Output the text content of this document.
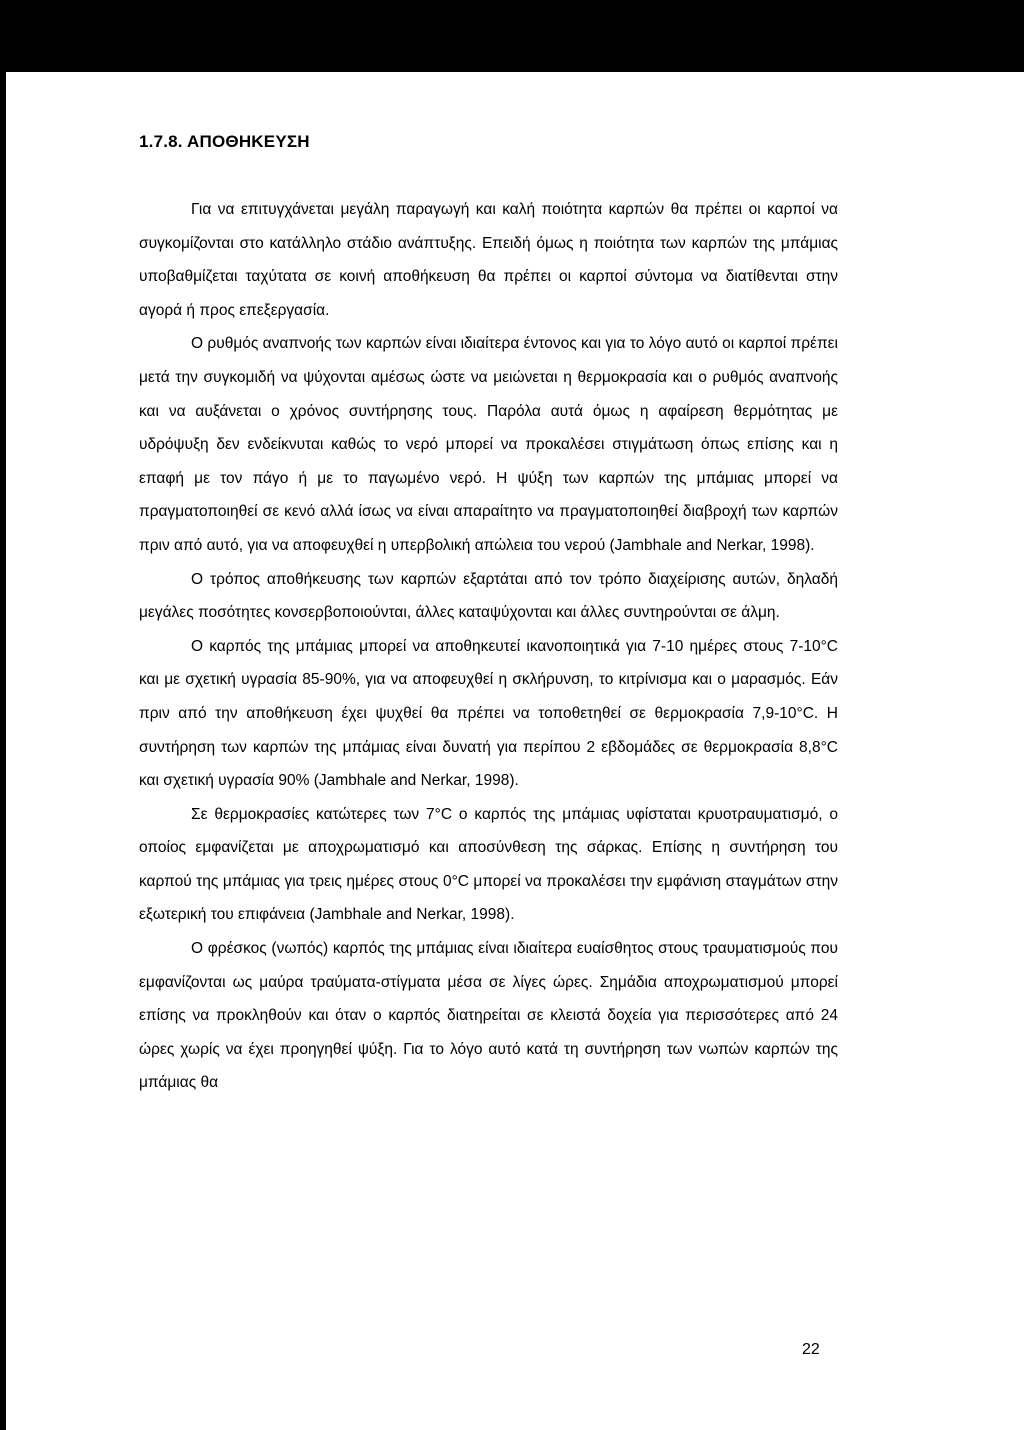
1.7.8. ΑΠΟΘΗΚΕΥΣΗ

Για να επιτυγχάνεται μεγάλη παραγωγή και καλή ποιότητα καρπών θα πρέπει οι καρποί να συγκομίζονται στο κατάλληλο στάδιο ανάπτυξης. Επειδή όμως η ποιότητα των καρπών της μπάμιας υποβαθμίζεται ταχύτατα σε κοινή αποθήκευση θα πρέπει οι καρποί σύντομα να διατίθενται στην αγορά ή προς επεξεργασία.

Ο ρυθμός αναπνοής των καρπών είναι ιδιαίτερα έντονος και για το λόγο αυτό οι καρποί πρέπει μετά την συγκομιδή να ψύχονται αμέσως ώστε να μειώνεται η θερμοκρασία και ο ρυθμός αναπνοής και να αυξάνεται ο χρόνος συντήρησης τους. Παρόλα αυτά όμως η αφαίρεση θερμότητας με υδρόψυξη δεν ενδείκνυται καθώς το νερό μπορεί να προκαλέσει στιγμάτωση όπως επίσης και η επαφή με τον πάγο ή με το παγωμένο νερό. Η ψύξη των καρπών της μπάμιας μπορεί να πραγματοποιηθεί σε κενό αλλά ίσως να είναι απαραίτητο να πραγματοποιηθεί διαβροχή των καρπών πριν από αυτό, για να αποφευχθεί η υπερβολική απώλεια του νερού (Jambhale and Nerkar, 1998).

Ο τρόπος αποθήκευσης των καρπών εξαρτάται από τον τρόπο διαχείρισης αυτών, δηλαδή μεγάλες ποσότητες κονσερβοποιούνται, άλλες καταψύχονται και άλλες συντηρούνται σε άλμη.

Ο καρπός της μπάμιας μπορεί να αποθηκευτεί ικανοποιητικά για 7-10 ημέρες στους 7-10°C και με σχετική υγρασία 85-90%, για να αποφευχθεί η σκλήρυνση, το κιτρίνισμα και ο μαρασμός. Εάν πριν από την αποθήκευση έχει ψυχθεί θα πρέπει να τοποθετηθεί σε θερμοκρασία 7,9-10°C. Η συντήρηση των καρπών της μπάμιας είναι δυνατή για περίπου 2 εβδομάδες σε θερμοκρασία 8,8°C και σχετική υγρασία 90% (Jambhale and Nerkar, 1998).

Σε θερμοκρασίες κατώτερες των 7°C ο καρπός της μπάμιας υφίσταται κρυοτραυματισμό, ο οποίος εμφανίζεται με αποχρωματισμό και αποσύνθεση της σάρκας. Επίσης η συντήρηση του καρπού της μπάμιας για τρεις ημέρες στους 0°C μπορεί να προκαλέσει την εμφάνιση σταγμάτων στην εξωτερική του επιφάνεια (Jambhale and Nerkar, 1998).

Ο φρέσκος (νωπός) καρπός της μπάμιας είναι ιδιαίτερα ευαίσθητος στους τραυματισμούς που εμφανίζονται ως μαύρα τραύματα-στίγματα μέσα σε λίγες ώρες. Σημάδια αποχρωματισμού μπορεί επίσης να προκληθούν και όταν ο καρπός διατηρείται σε κλειστά δοχεία για περισσότερες από 24 ώρες χωρίς να έχει προηγηθεί ψύξη. Για το λόγο αυτό κατά τη συντήρηση των νωπών καρπών της μπάμιας θα

22
